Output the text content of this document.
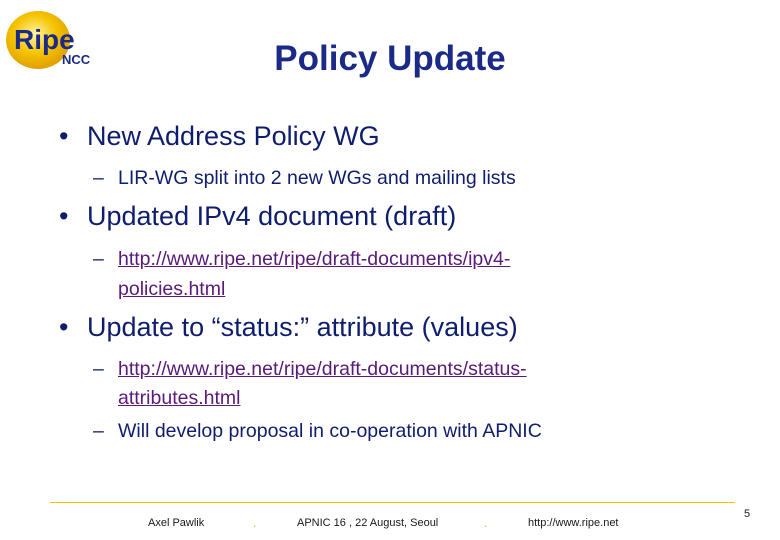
Ripe
NCC	Policy Update
• New Address Policy WG
– LIR-WG split into 2 new WGs and mailing lists
• Updated IPv4 document (draft)
– http://www.ripe.net/ripe/draft-documents/ipv4-
policies.html
• Update to “status:” attribute (values)
– http://www.ripe.net/ripe/draft-documents/status-
attributes.html
– Will develop proposal in co-operation with APNIC
Axel Pawlik	.	APNIC 16 , 22 August, Seoul	.	http://www.ripe.net
5
